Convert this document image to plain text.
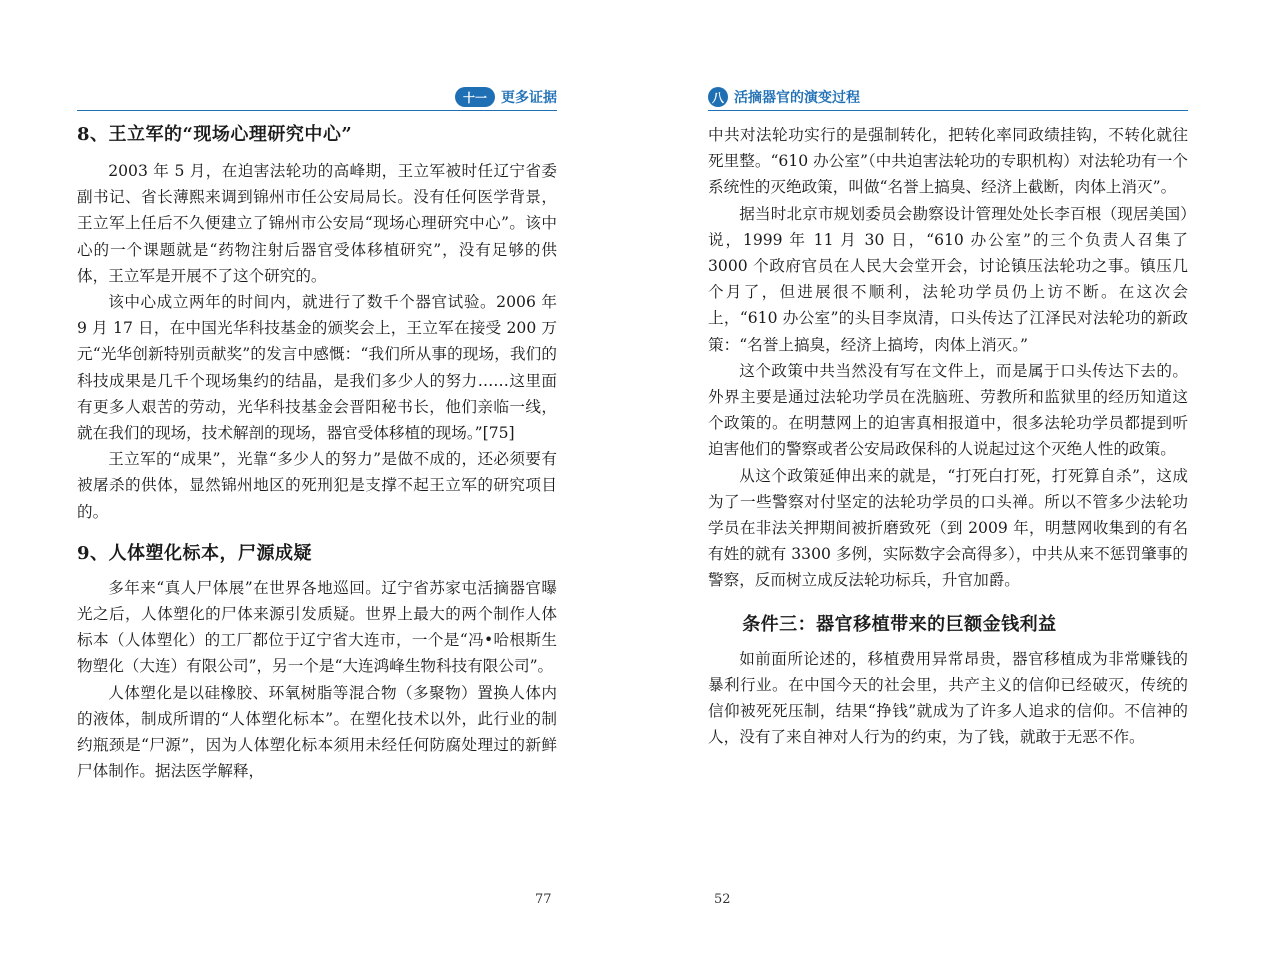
十一	更多证据
8、王立军的“现场心理研究中心”

2003 年 5 月，在迫害法轮功的高峰期，王立军被时任辽宁省委副书记、省长薄熙来调到锦州市任公安局局长。没有任何医学背景，王立军上任后不久便建立了锦州市公安局“现场心理研究中心”。该中心的一个课题就是“药物注射后器官受体移植研究”，没有足够的供体，王立军是开展不了这个研究的。

该中心成立两年的时间内，就进行了数千个器官试验。2006 年 9 月 17 日，在中国光华科技基金的颁奖会上，王立军在接受 200 万元“光华创新特别贡献奖”的发言中感慨：“我们所从事的现场，我们的科技成果是几千个现场集约的结晶，是我们多少人的努力……这里面有更多人艰苦的劳动，光华科技基金会晋阳秘书长，他们亲临一线，就在我们的现场，技术解剖的现场，器官受体移植的现场。”[75]

王立军的“成果”，光靠“多少人的努力”是做不成的，还必须要有被屠杀的供体，显然锦州地区的死刑犯是支撑不起王立军的研究项目的。

9、人体塑化标本，尸源成疑

多年来“真人尸体展”在世界各地巡回。辽宁省苏家屯活摘器官曝光之后，人体塑化的尸体来源引发质疑。世界上最大的两个制作人体标本（人体塑化）的工厂都位于辽宁省大连市，一个是“冯•哈根斯生物塑化（大连）有限公司”，另一个是“大连鸿峰生物科技有限公司”。

人体塑化是以硅橡胶、环氧树脂等混合物（多聚物）置换人体内的液体，制成所谓的“人体塑化标本”。在塑化技术以外，此行业的制约瓶颈是“尸源”，因为人体塑化标本须用未经任何防腐处理过的新鲜尸体制作。据法医学解释，

77
八 活摘器官的演变过程

中共对法轮功实行的是强制转化，把转化率同政绩挂钩，不转化就往死里整。“610 办公室”（中共迫害法轮功的专职机构）对法轮功有一个系统性的灭绝政策，叫做“名誉上搞臭、经济上截断，肉体上消灭”。

据当时北京市规划委员会勘察设计管理处处长李百根（现居美国）说，1999 年 11 月 30 日，“610 办公室”的三个负责人召集了 3000 个政府官员在人民大会堂开会，讨论镇压法轮功之事。镇压几个月了，但进展很不顺利，法轮功学员仍上访不断。在这次会上，“610 办公室”的头目李岚清，口头传达了江泽民对法轮功的新政策：“名誉上搞臭，经济上搞垮，肉体上消灭。”

这个政策中共当然没有写在文件上，而是属于口头传达下去的。外界主要是通过法轮功学员在洗脑班、劳教所和监狱里的经历知道这个政策的。在明慧网上的迫害真相报道中，很多法轮功学员都提到听迫害他们的警察或者公安局政保科的人说起过这个灭绝人性的政策。

从这个政策延伸出来的就是，“打死白打死，打死算自杀”，这成为了一些警察对付坚定的法轮功学员的口头禅。所以不管多少法轮功学员在非法关押期间被折磨致死（到 2009 年，明慧网收集到的有名有姓的就有 3300 多例，实际数字会高得多），中共从来不惩罚肇事的警察，反而树立成反法轮功标兵，升官加爵。

条件三：器官移植带来的巨额金钱利益

如前面所论述的，移植费用异常昂贵，器官移植成为非常赚钱的暴利行业。在中国今天的社会里，共产主义的信仰已经破灭，传统的信仰被死死压制，结果“挣钱”就成为了许多人追求的信仰。不信神的人，没有了来自神对人行为的约束，为了钱，就敢于无恶不作。

52
